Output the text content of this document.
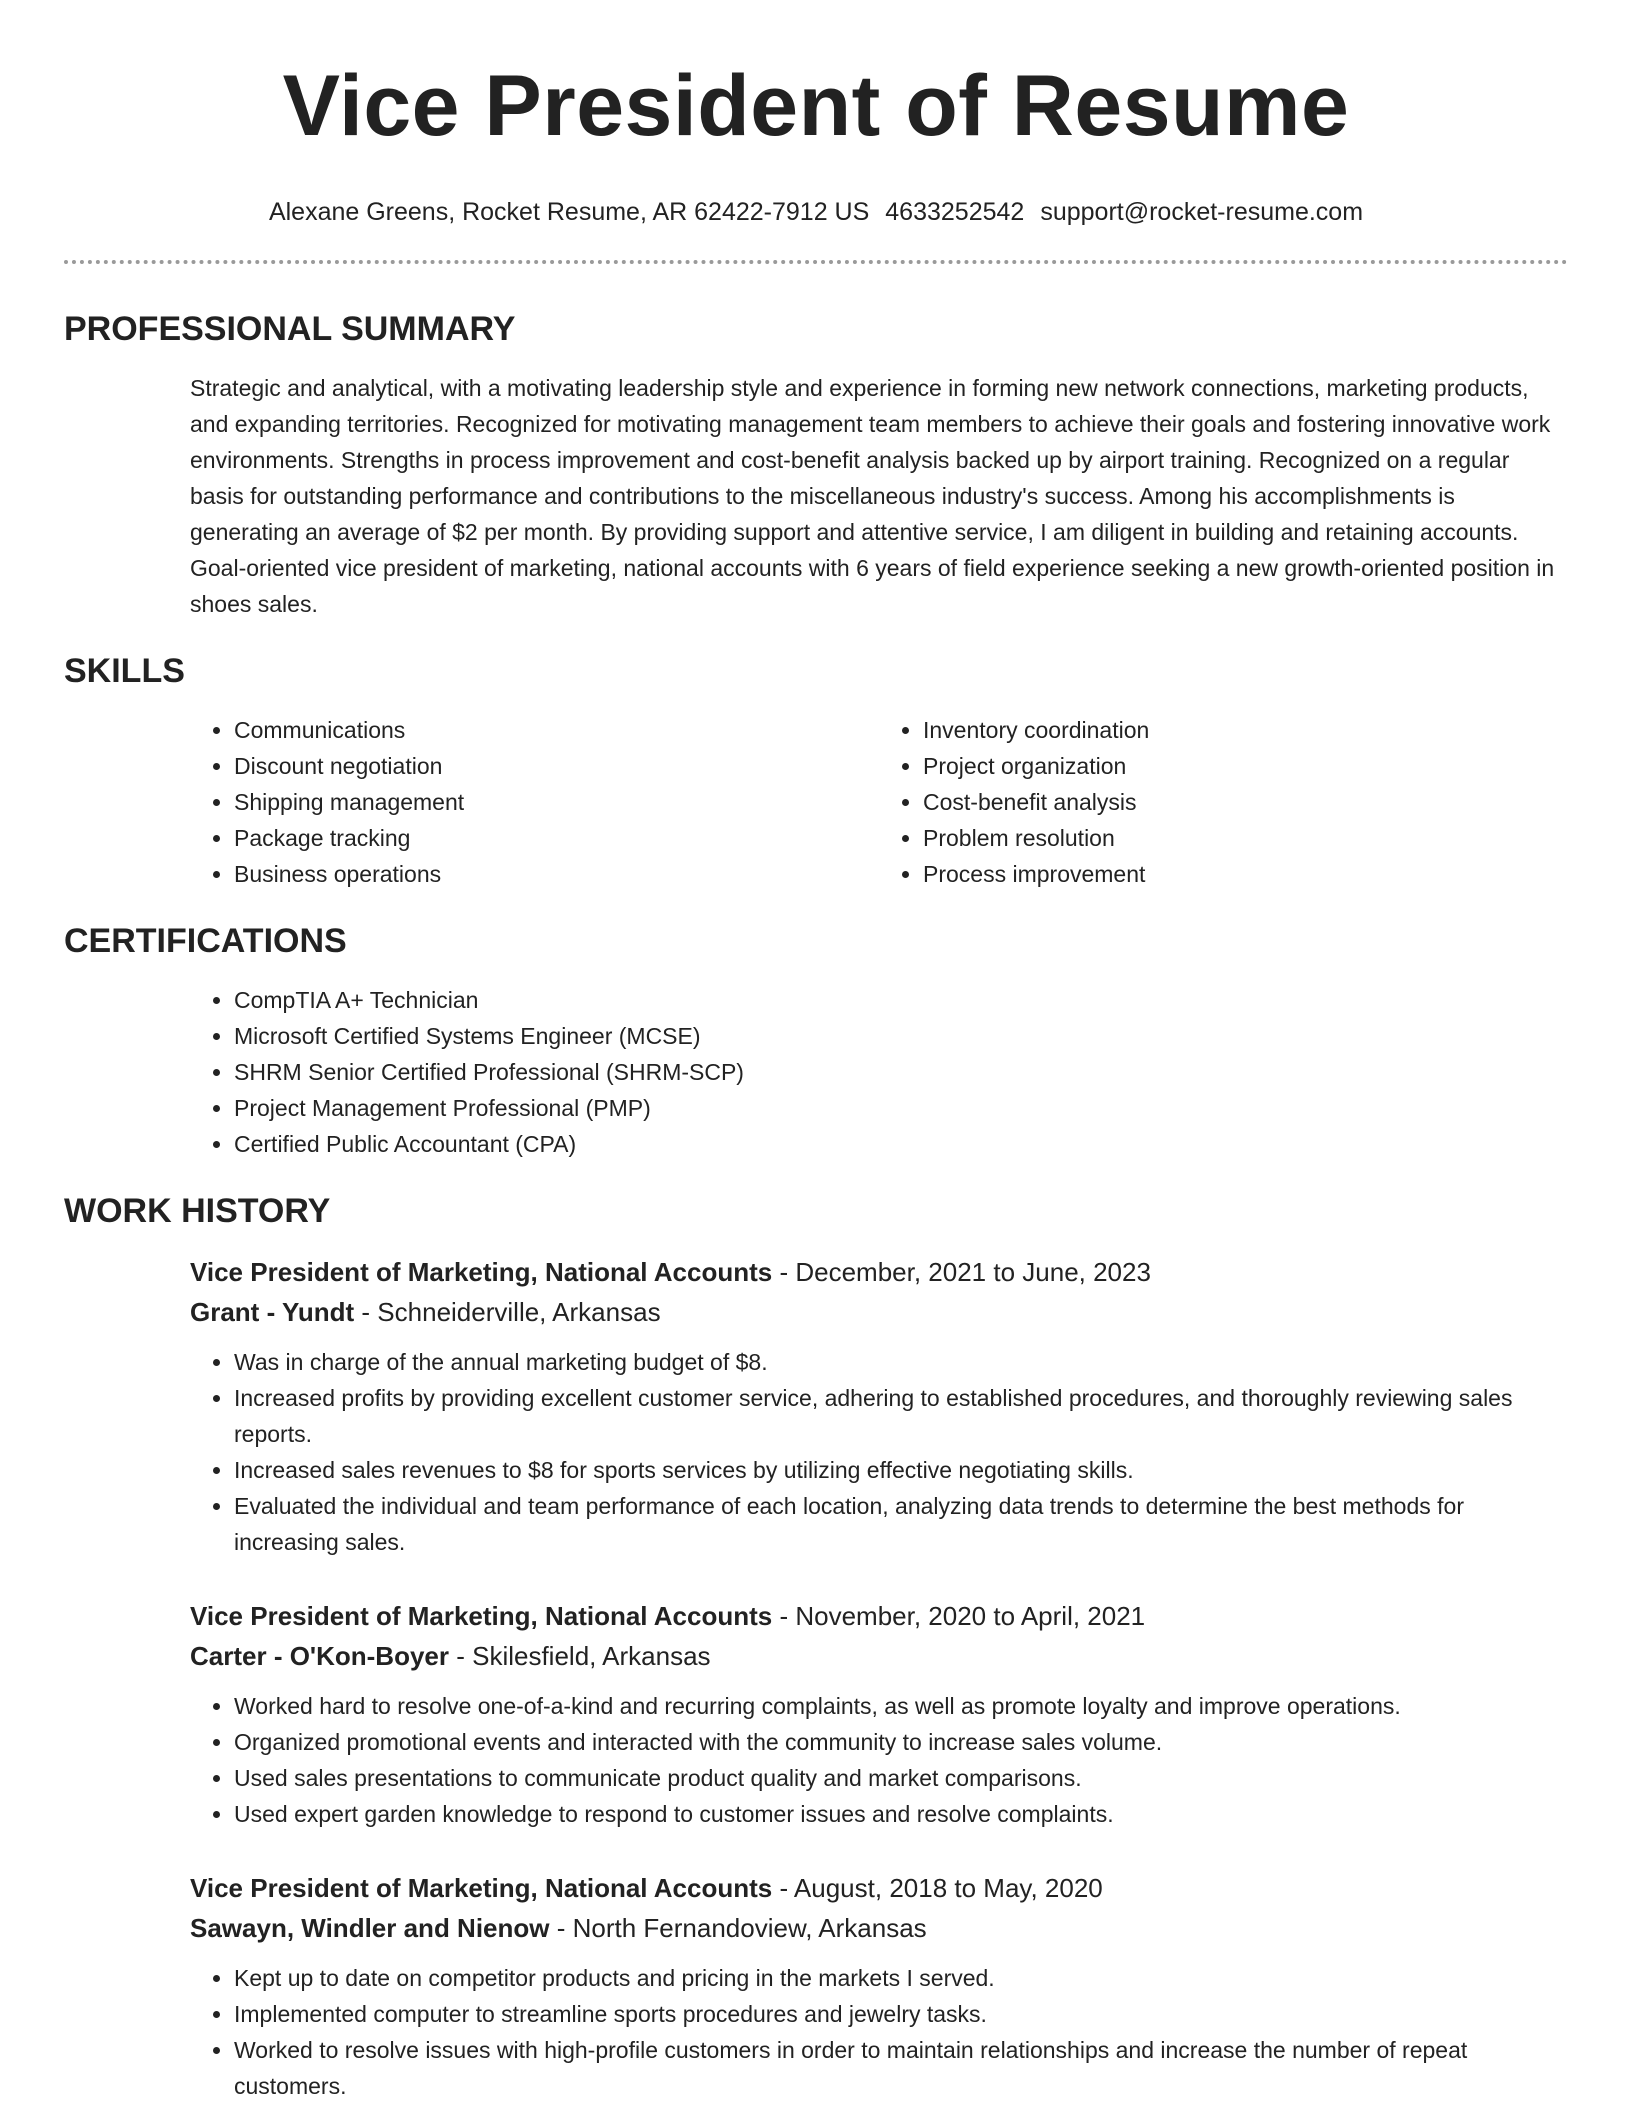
Vice President of Resume
Alexane Greens, Rocket Resume, AR 62422-7912 US 4633252542 support@rocket-resume.com
PROFESSIONAL SUMMARY
Strategic and analytical, with a motivating leadership style and experience in forming new network connections, marketing products, and expanding territories. Recognized for motivating management team members to achieve their goals and fostering innovative work environments. Strengths in process improvement and cost-benefit analysis backed up by airport training. Recognized on a regular basis for outstanding performance and contributions to the miscellaneous industry's success. Among his accomplishments is generating an average of $2 per month. By providing support and attentive service, I am diligent in building and retaining accounts. Goal-oriented vice president of marketing, national accounts with 6 years of field experience seeking a new growth-oriented position in shoes sales.
SKILLS
• Communications
• Discount negotiation
• Shipping management
• Package tracking
• Business operations
• Inventory coordination
• Project organization
• Cost-benefit analysis
• Problem resolution
• Process improvement
CERTIFICATIONS
• CompTIA A+ Technician
• Microsoft Certified Systems Engineer (MCSE)
• SHRM Senior Certified Professional (SHRM-SCP)
• Project Management Professional (PMP)
• Certified Public Accountant (CPA)
WORK HISTORY
Vice President of Marketing, National Accounts - December, 2021 to June, 2023
Grant - Yundt - Schneiderville, Arkansas
• Was in charge of the annual marketing budget of $8.
• Increased profits by providing excellent customer service, adhering to established procedures, and thoroughly reviewing sales reports.
• Increased sales revenues to $8 for sports services by utilizing effective negotiating skills.
• Evaluated the individual and team performance of each location, analyzing data trends to determine the best methods for increasing sales.
Vice President of Marketing, National Accounts - November, 2020 to April, 2021
Carter - O'Kon-Boyer - Skilesfield, Arkansas
• Worked hard to resolve one-of-a-kind and recurring complaints, as well as promote loyalty and improve operations.
• Organized promotional events and interacted with the community to increase sales volume.
• Used sales presentations to communicate product quality and market comparisons.
• Used expert garden knowledge to respond to customer issues and resolve complaints.
Vice President of Marketing, National Accounts - August, 2018 to May, 2020
Sawayn, Windler and Nienow - North Fernandoview, Arkansas
• Kept up to date on competitor products and pricing in the markets I served.
• Implemented computer to streamline sports procedures and jewelry tasks.
• Worked to resolve issues with high-profile customers in order to maintain relationships and increase the number of repeat customers.
